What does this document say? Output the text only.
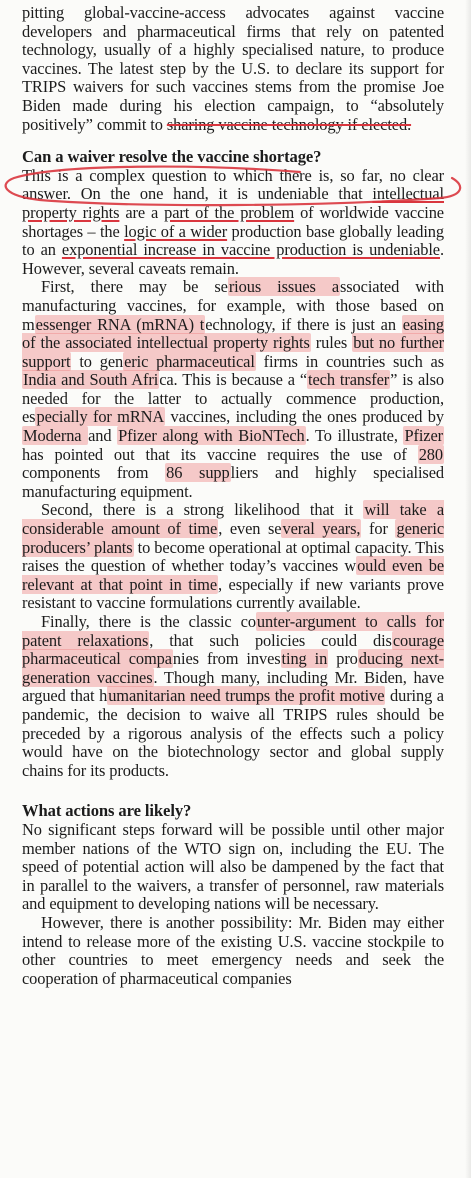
pitting global-vaccine-access advocates against vaccine developers and pharmaceutical firms that rely on patented technology, usually of a highly specialised nature, to produce vaccines. The latest step by the U.S. to declare its support for TRIPS waivers for such vaccines stems from the promise Joe Biden made during his election campaign, to “absolutely positively” commit to sharing vaccine technology if elected.

Can a waiver resolve the vaccine shortage?

This is a complex question to which there is, so far, no clear answer. On the one hand, it is undeniable that intellectual property rights are a part of the problem of worldwide vaccine shortages – the logic of a wider production base globally leading to an exponential increase in vaccine production is undeniable. However, several caveats remain.

First, there may be serious issues associated with manufacturing vaccines, for example, with those based on messenger RNA (mRNA) technology, if there is just an easing of the associated intellectual property rights rules but no further support to generic pharmaceutical firms in countries such as India and South Africa. This is because a “tech transfer” is also needed for the latter to actually commence production, especially for mRNA vaccines, including the ones produced by Moderna and Pfizer along with BioNTech. To illustrate, Pfizer has pointed out that its vaccine requires the use of 280 components from 86 suppliers and highly specialised manufacturing equipment.

Second, there is a strong likelihood that it will take a considerable amount of time, even several years, for generic producers’ plants to become operational at optimal capacity. This raises the question of whether today’s vaccines would even be relevant at that point in time, especially if new variants prove resistant to vaccine formulations currently available.

Finally, there is the classic counter-argument to calls for patent relaxations, that such policies could discourage pharmaceutical companies from investing in producing next-generation vaccines. Though many, including Mr. Biden, have argued that humanitarian need trumps the profit motive during a pandemic, the decision to waive all TRIPS rules should be preceded by a rigorous analysis of the effects such a policy would have on the biotechnology sector and global supply chains for its products.

What actions are likely?

No significant steps forward will be possible until other major member nations of the WTO sign on, including the EU. The speed of potential action will also be dampened by the fact that in parallel to the waivers, a transfer of personnel, raw materials and equipment to developing nations will be necessary.

However, there is another possibility: Mr. Biden may either intend to release more of the existing U.S. vaccine stockpile to other countries to meet emergency needs and seek the cooperation of pharmaceutical companies
